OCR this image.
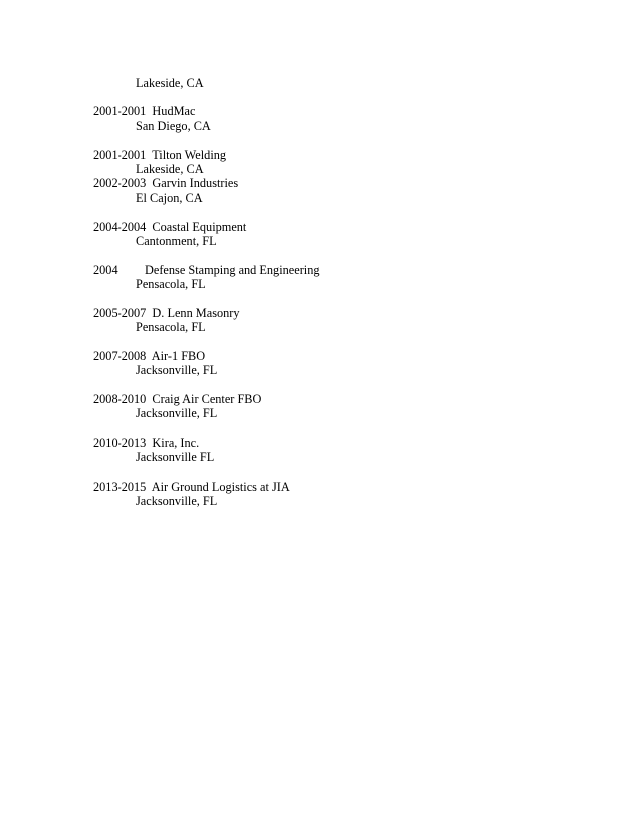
Lakeside, CA
2001-2001  HudMac
San Diego, CA
2001-2001  Tilton Welding
Lakeside, CA
2002-2003  Garvin Industries
El Cajon, CA
2004-2004  Coastal Equipment
Cantonment, FL
2004 Defense Stamping and Engineering
Pensacola, FL
2005-2007  D. Lenn Masonry
Pensacola, FL
2007-2008  Air-1 FBO
Jacksonville, FL
2008-2010  Craig Air Center FBO
Jacksonville, FL
2010-2013  Kira, Inc.
Jacksonville FL
2013-2015  Air Ground Logistics at JIA
Jacksonville, FL
